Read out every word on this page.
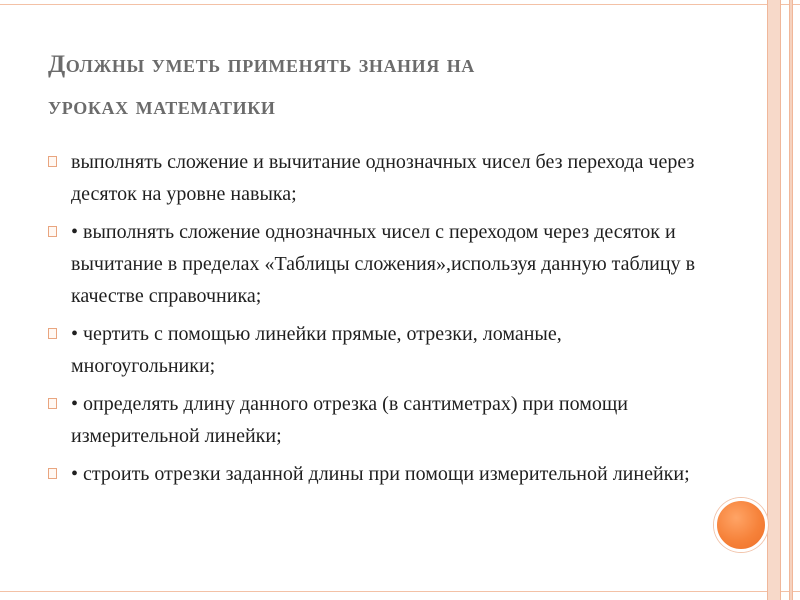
Должны уметь применять знания на
уроках математики
выполнять сложение и вычитание однозначных чисел без перехода через десяток на уровне навыка;
• выполнять сложение однозначных чисел с переходом через десяток и вычитание в пределах «Таблицы сложения»,используя данную таблицу в качестве справочника;
• чертить с помощью линейки прямые, отрезки, ломаные, многоугольники;
• определять длину данного отрезка (в сантиметрах) при помощи измерительной линейки;
• строить отрезки заданной длины при помощи измерительной линейки;
